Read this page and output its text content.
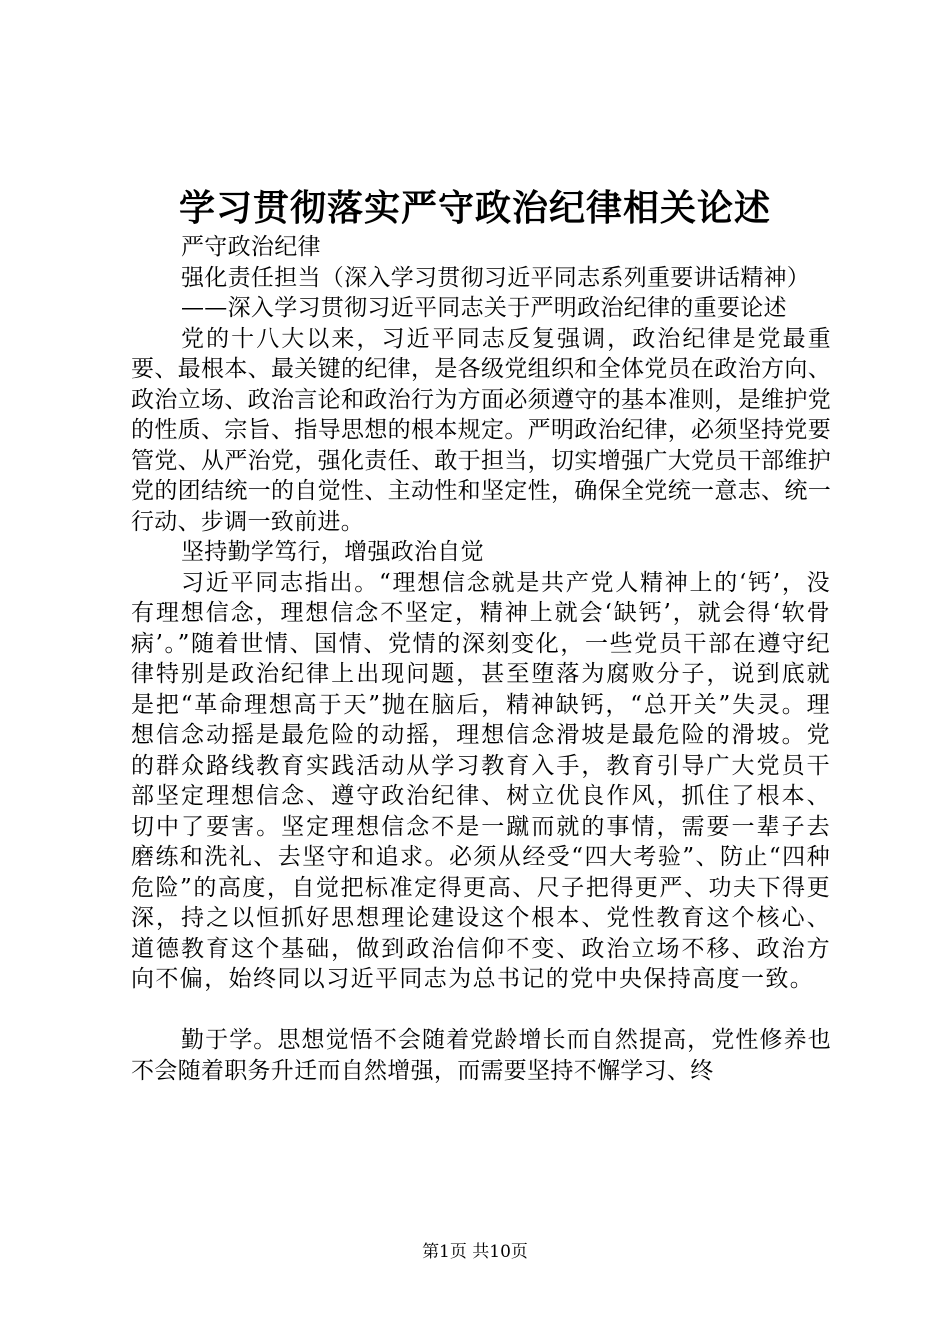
学习贯彻落实严守政治纪律相关论述

严守政治纪律

强化责任担当（深入学习贯彻习近平同志系列重要讲话精神）

——深入学习贯彻习近平同志关于严明政治纪律的重要论述

党的十八大以来，习近平同志反复强调，政治纪律是党最重要、最根本、最关键的纪律，是各级党组织和全体党员在政治方向、政治立场、政治言论和政治行为方面必须遵守的基本准则，是维护党的性质、宗旨、指导思想的根本规定。严明政治纪律，必须坚持党要管党、从严治党，强化责任、敢于担当，切实增强广大党员干部维护党的团结统一的自觉性、主动性和坚定性，确保全党统一意志、统一行动、步调一致前进。

坚持勤学笃行，增强政治自觉

习近平同志指出。“理想信念就是共产党人精神上的‘钙’，没有理想信念，理想信念不坚定，精神上就会‘缺钙’，就会得‘软骨病’。”随着世情、国情、党情的深刻变化，一些党员干部在遵守纪律特别是政治纪律上出现问题，甚至堕落为腐败分子，说到底就是把“革命理想高于天”抛在脑后，精神缺钙，“总开关”失灵。理想信念动摇是最危险的动摇，理想信念滑坡是最危险的滑坡。党的群众路线教育实践活动从学习教育入手，教育引导广大党员干部坚定理想信念、遵守政治纪律、树立优良作风，抓住了根本、切中了要害。坚定理想信念不是一蹴而就的事情，需要一辈子去磨练和洗礼、去坚守和追求。必须从经受“四大考验”、防止“四种危险”的高度，自觉把标准定得更高、尺子把得更严、功夫下得更深，持之以恒抓好思想理论建设这个根本、党性教育这个核心、道德教育这个基础，做到政治信仰不变、政治立场不移、政治方向不偏，始终同以习近平同志为总书记的党中央保持高度一致。

勤于学。思想觉悟不会随着党龄增长而自然提高，党性修养也不会随着职务升迁而自然增强，而需要坚持不懈学习、终

第1页 共10页
